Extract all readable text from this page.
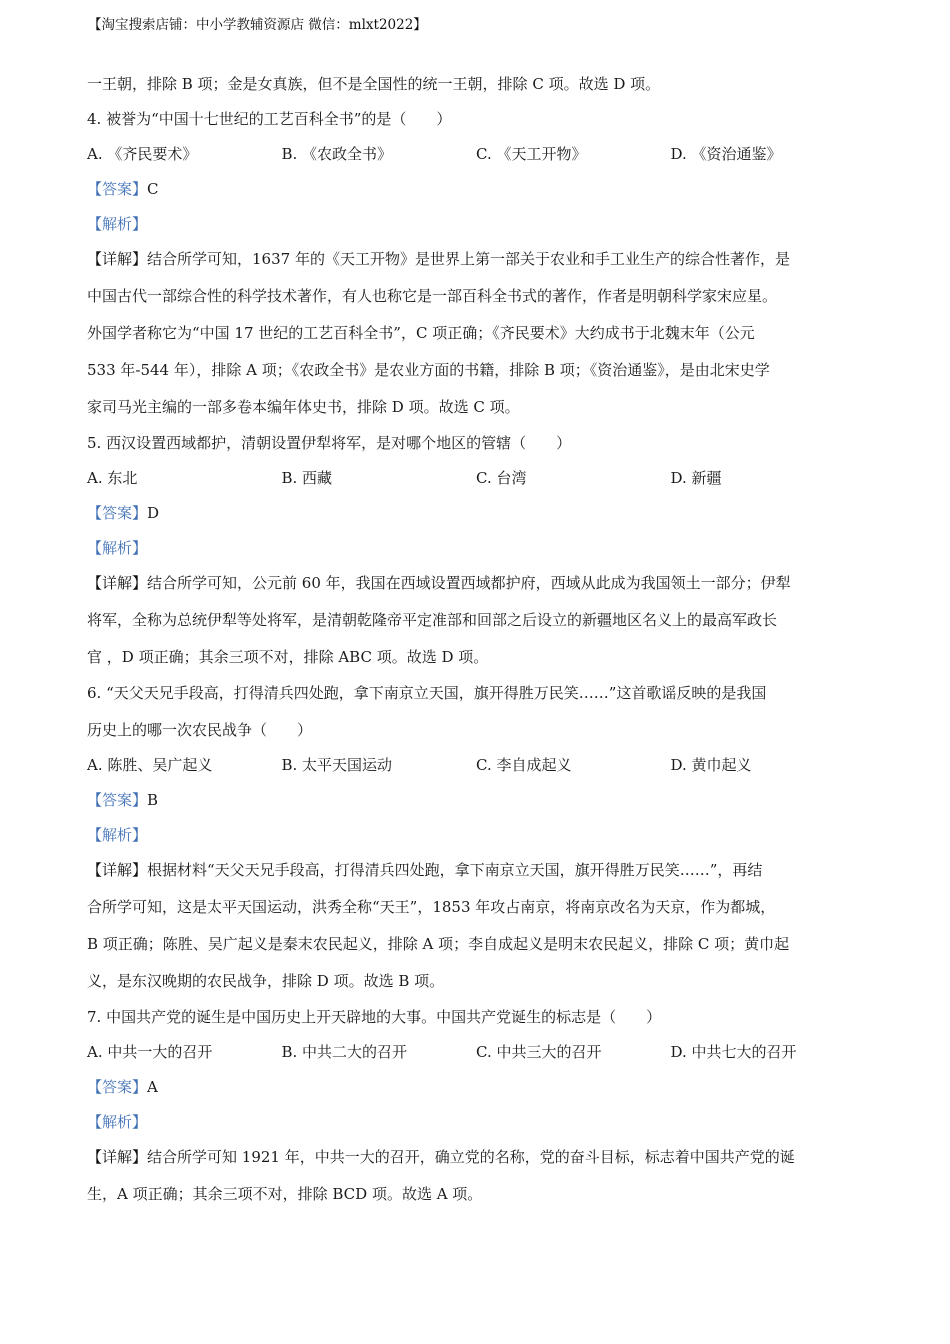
【淘宝搜索店铺：中小学教辅资源店 微信：mlxt2022】
一王朝，排除 B 项；金是女真族，但不是全国性的统一王朝，排除 C 项。故选 D 项。
4. 被誉为“中国十七世纪的工艺百科全书”的是（　　）
A. 《齐民要术》	B. 《农政全书》	C. 《天工开物》	D. 《资治通鉴》
【答案】C
【解析】
【详解】结合所学可知，1637 年的《天工开物》是世界上第一部关于农业和手工业生产的综合性著作，是
中国古代一部综合性的科学技术著作，有人也称它是一部百科全书式的著作，作者是明朝科学家宋应星。
外国学者称它为“中国 17 世纪的工艺百科全书”，C 项正确；《齐民要术》大约成书于北魏末年（公元
533 年-544 年），排除 A 项；《农政全书》是农业方面的书籍，排除 B 项；《资治通鉴》，是由北宋史学
家司马光主编的一部多卷本编年体史书，排除 D 项。故选 C 项。
5. 西汉设置西域都护，清朝设置伊犁将军，是对哪个地区的管辖（　　）
A. 东北	B. 西藏	C. 台湾	D. 新疆
【答案】D
【解析】
【详解】结合所学可知，公元前 60 年，我国在西域设置西域都护府，西域从此成为我国领土一部分；伊犁
将军，全称为总统伊犁等处将军，是清朝乾隆帝平定准部和回部之后设立的新疆地区名义上的最高军政长
官 ，D 项正确；其余三项不对，排除 ABC 项。故选 D 项。
6. “天父天兄手段高，打得清兵四处跑，拿下南京立天国，旗开得胜万民笑……”这首歌谣反映的是我国
历史上的哪一次农民战争（　　）
A. 陈胜、吴广起义	B. 太平天国运动	C. 李自成起义	D. 黄巾起义
【答案】B
【解析】
【详解】根据材料“天父天兄手段高，打得清兵四处跑，拿下南京立天国，旗开得胜万民笑……”，再结
合所学可知，这是太平天国运动，洪秀全称“天王”，1853 年攻占南京，将南京改名为天京，作为都城，
B 项正确；陈胜、吴广起义是秦末农民起义，排除 A 项；李自成起义是明末农民起义，排除 C 项；黄巾起
义，是东汉晚期的农民战争，排除 D 项。故选 B 项。
7. 中国共产党的诞生是中国历史上开天辟地的大事。中国共产党诞生的标志是（　　）
A. 中共一大的召开	B. 中共二大的召开	C. 中共三大的召开	D. 中共七大的召开
【答案】A
【解析】
【详解】结合所学可知 1921 年，中共一大的召开，确立党的名称，党的奋斗目标，标志着中国共产党的诞
生，A 项正确；其余三项不对，排除 BCD 项。故选 A 项。
